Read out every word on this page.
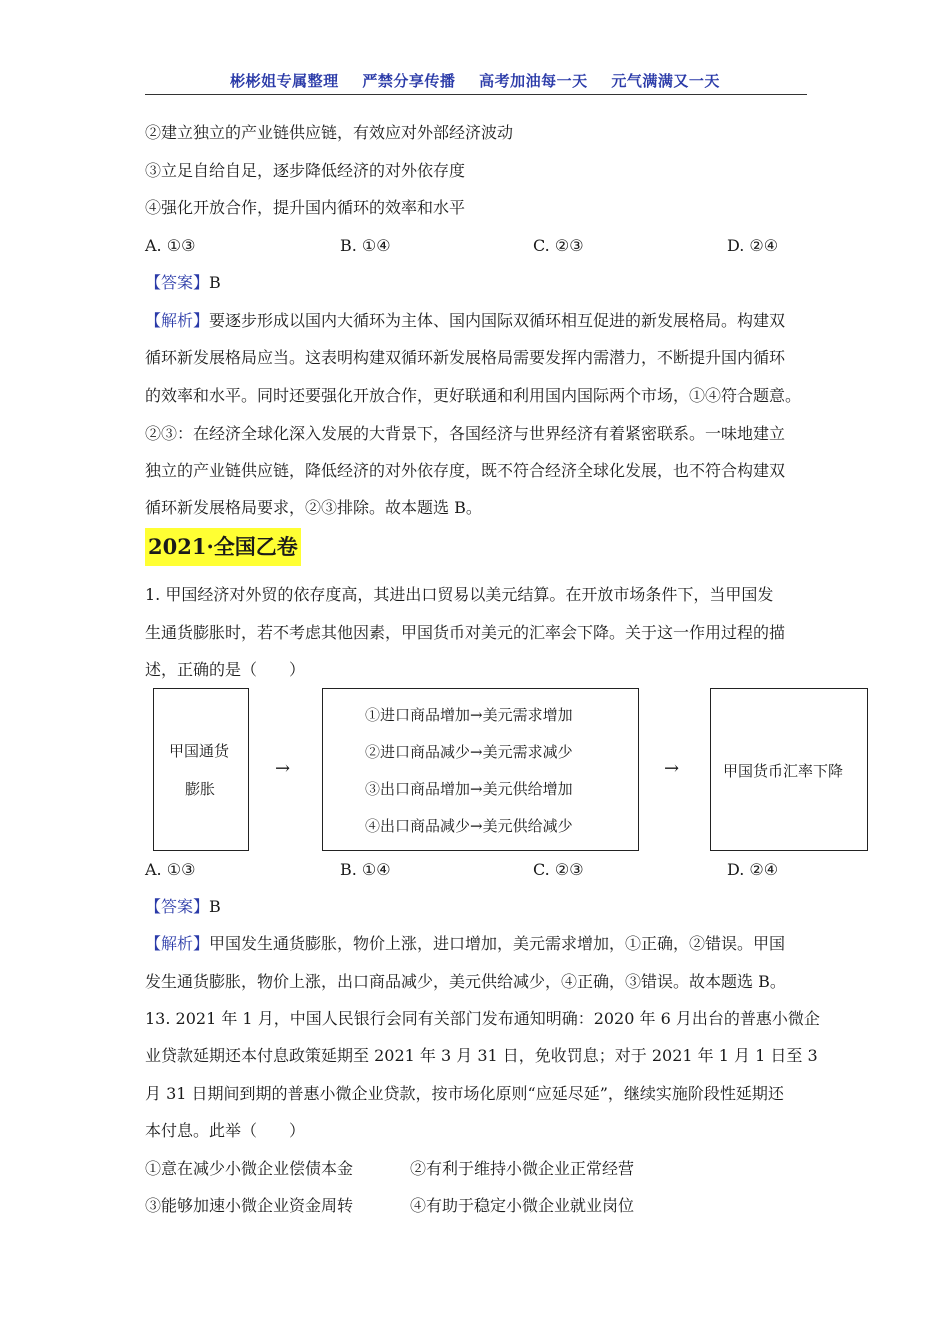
彬彬姐专属整理 严禁分享传播 高考加油每一天 元气满满又一天
②建立独立的产业链供应链，有效应对外部经济波动
③立足自给自足，逐步降低经济的对外依存度
④强化开放合作，提升国内循环的效率和水平
A. ①③	B. ①④	C. ②③	D. ②④
【答案】B
【解析】要逐步形成以国内大循环为主体、国内国际双循环相互促进的新发展格局。构建双
循环新发展格局应当。这表明构建双循环新发展格局需要发挥内需潜力，不断提升国内循环
的效率和水平。同时还要强化开放合作，更好联通和利用国内国际两个市场，①④符合题意。
②③：在经济全球化深入发展的大背景下，各国经济与世界经济有着紧密联系。一味地建立
独立的产业链供应链，降低经济的对外依存度，既不符合经济全球化发展，也不符合构建双
循环新发展格局要求，②③排除。故本题选 B。
2021·全国乙卷
1. 甲国经济对外贸的依存度高，其进出口贸易以美元结算。在开放市场条件下，当甲国发
生通货膨胀时，若不考虑其他因素，甲国货币对美元的汇率会下降。关于这一作用过程的描
述，正确的是（　　）
甲国通货
膨胀
→
①进口商品增加→美元需求增加
②进口商品减少→美元需求减少
③出口商品增加→美元供给增加
④出口商品减少→美元供给减少
→	甲国货币汇率下降
A. ①③	B. ①④	C. ②③	D. ②④
【答案】B
【解析】甲国发生通货膨胀，物价上涨，进口增加，美元需求增加，①正确，②错误。甲国
发生通货膨胀，物价上涨，出口商品减少，美元供给减少，④正确，③错误。故本题选 B。
13. 2021 年 1 月，中国人民银行会同有关部门发布通知明确：2020 年 6 月出台的普惠小微企
业贷款延期还本付息政策延期至 2021 年 3 月 31 日，免收罚息；对于 2021 年 1 月 1 日至 3
月 31 日期间到期的普惠小微企业贷款，按市场化原则“应延尽延”，继续实施阶段性延期还
本付息。此举（　　）
①意在减少小微企业偿债本金	②有利于维持小微企业正常经营
③能够加速小微企业资金周转	④有助于稳定小微企业就业岗位
